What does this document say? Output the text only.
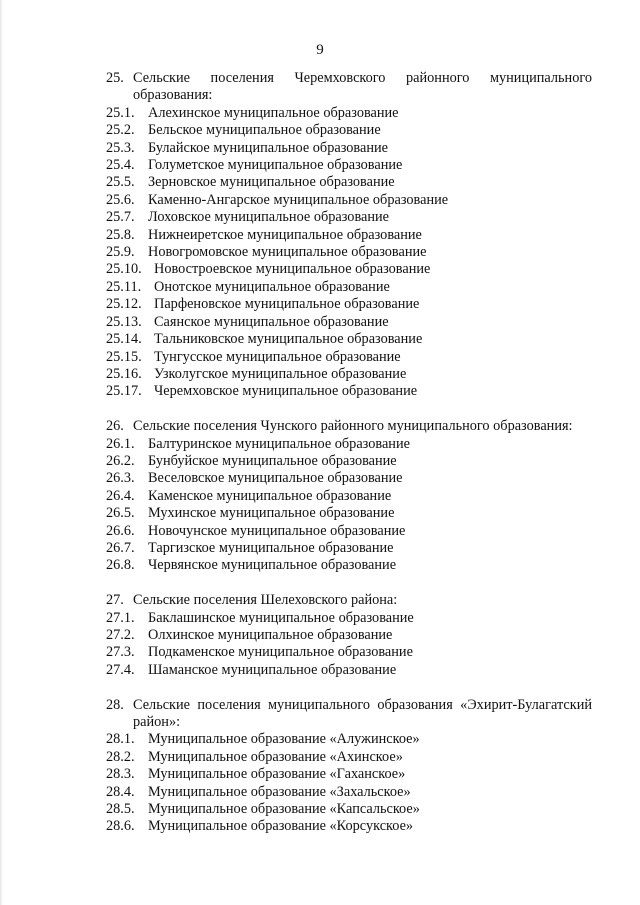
9
25. Сельские поселения Черемховского районного муниципального образования:
25.1. Алехинское муниципальное образование
25.2. Бельское муниципальное образование
25.3. Булайское муниципальное образование
25.4. Голуметское муниципальное образование
25.5. Зерновское муниципальное образование
25.6. Каменно-Ангарское муниципальное образование
25.7. Лоховское муниципальное образование
25.8. Нижнеиретское муниципальное образование
25.9. Новогромовское муниципальное образование
25.10. Новостроевское муниципальное образование
25.11. Онотское муниципальное образование
25.12. Парфеновское муниципальное образование
25.13. Саянское муниципальное образование
25.14. Тальниковское муниципальное образование
25.15. Тунгусское муниципальное образование
25.16. Узколугское муниципальное образование
25.17. Черемховское муниципальное образование
26. Сельские поселения Чунского районного муниципального образования:
26.1. Балтуринское муниципальное образование
26.2. Бунбуйское муниципальное образование
26.3. Веселовское муниципальное образование
26.4. Каменское муниципальное образование
26.5. Мухинское муниципальное образование
26.6. Новочунское муниципальное образование
26.7. Таргизское муниципальное образование
26.8. Червянское муниципальное образование
27. Сельские поселения Шелеховского района:
27.1. Баклашинское муниципальное образование
27.2. Олхинское муниципальное образование
27.3. Подкаменское муниципальное образование
27.4. Шаманское муниципальное образование
28. Сельские поселения муниципального образования «Эхирит-Булагатский район»:
28.1. Муниципальное образование «Алужинское»
28.2. Муниципальное образование «Ахинское»
28.3. Муниципальное образование «Гаханское»
28.4. Муниципальное образование «Захальское»
28.5. Муниципальное образование «Капсальское»
28.6. Муниципальное образование «Корсукское»
